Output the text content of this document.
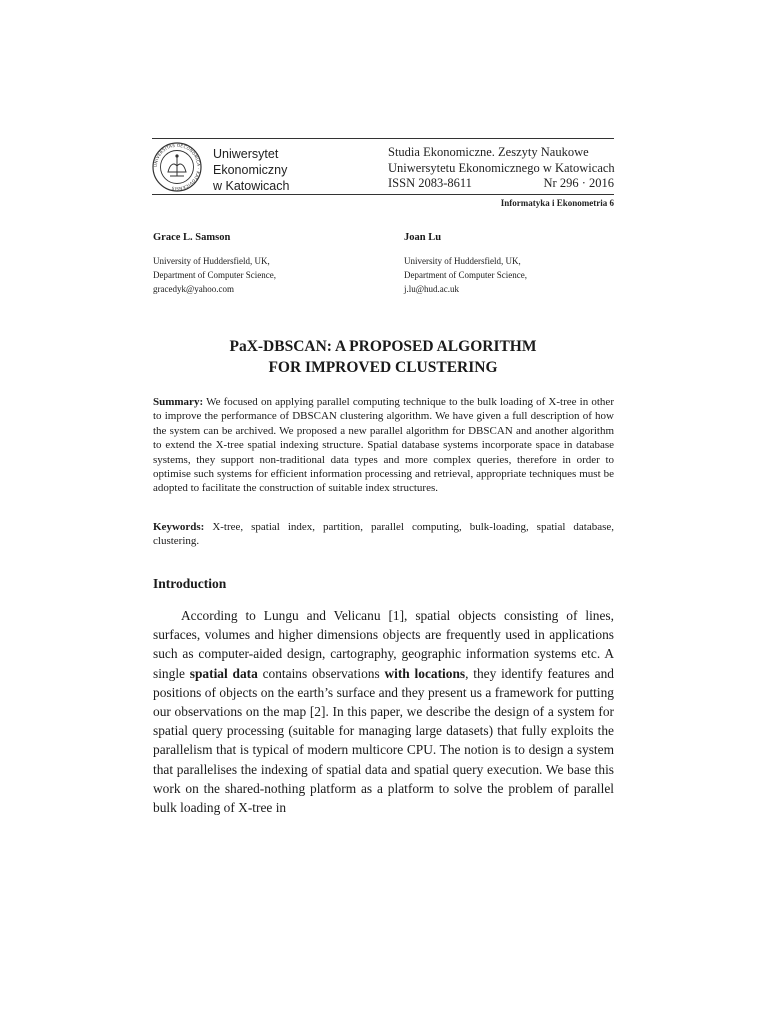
UNIVERSITAS OECONOMICA · KATOVICENSIS
Uniwersytet
Ekonomiczny
w Katowicach
Studia Ekonomiczne. Zeszyty Naukowe
Uniwersytetu Ekonomicznego w Katowicach
ISSN 2083-8611	Nr 296 · 2016
Informatyka i Ekonometria 6
Grace L. Samson
University of Huddersfield, UK,
Department of Computer Science,
gracedyk@yahoo.com
Joan Lu
University of Huddersfield, UK,
Department of Computer Science,
j.lu@hud.ac.uk
PaX-DBSCAN: A PROPOSED ALGORITHM
FOR IMPROVED CLUSTERING
Summary: We focused on applying parallel computing technique to the bulk loading of X-tree in other to improve the performance of DBSCAN clustering algorithm. We have given a full description of how the system can be archived. We proposed a new parallel algorithm for DBSCAN and another algorithm to extend the X-tree spatial indexing structure. Spatial database systems incorporate space in database systems, they support non-traditional data types and more complex queries, therefore in order to optimise such systems for efficient information processing and retrieval, appropriate techniques must be adopted to facilitate the construction of suitable index structures.
Keywords: X-tree, spatial index, partition, parallel computing, bulk-loading, spatial database, clustering.
Introduction
According to Lungu and Velicanu [1], spatial objects consisting of lines, surfaces, volumes and higher dimensions objects are frequently used in applications such as computer-aided design, cartography, geographic information systems etc. A single spatial data contains observations with locations, they identify features and positions of objects on the earth’s surface and they present us a framework for putting our observations on the map [2]. In this paper, we describe the design of a system for spatial query processing (suitable for managing large datasets) that fully exploits the parallelism that is typical of modern multicore CPU. The notion is to design a system that parallelises the indexing of spatial data and spatial query execution. We base this work on the shared-nothing platform as a platform to solve the problem of parallel bulk loading of X-tree in
